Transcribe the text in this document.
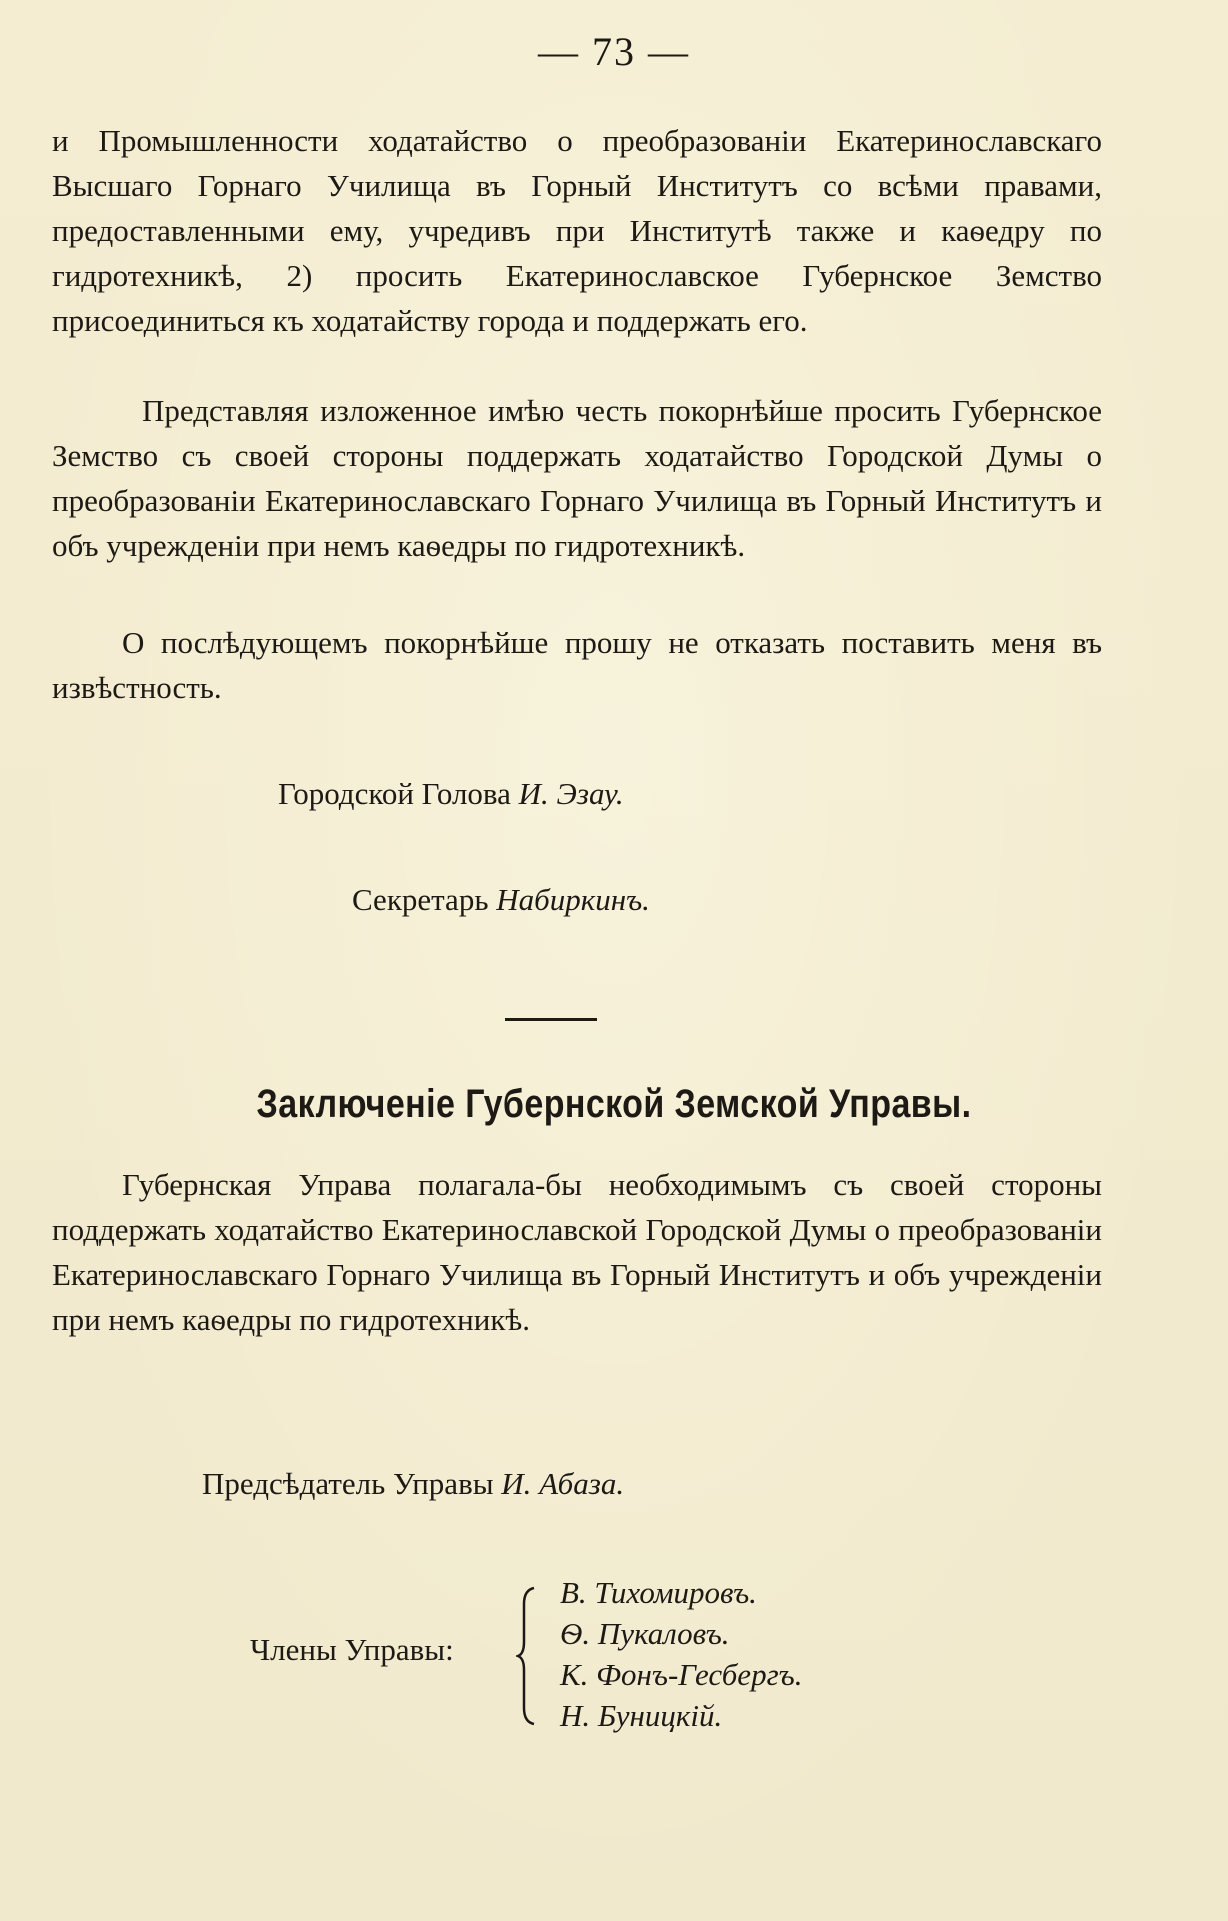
— 73 —

и Промышленности ходатайство о преобразованіи Екатеринославскаго Высшаго Горнаго Училища въ Горный Институтъ со всѣми правами, предоставленными ему, учредивъ при Институтѣ также и каѳедру по гидротехникѣ, 2) просить Екатеринославское Губернское Земство присоединиться къ ходатайству города и поддержать его.

Представляя изложенное имѣю честь покорнѣйше просить Губернское Земство съ своей стороны поддержать ходатайство Городской Думы о преобразованіи Екатеринославскаго Горнаго Училища въ Горный Институтъ и объ учрежденіи при немъ каѳедры по гидротехникѣ.

О послѣдующемъ покорнѣйше прошу не отказать поставить меня въ извѣстность.

Городской Голова И. Эзау.
Секретарь Набиркинъ.
Заключеніе Губернской Земской Управы.

Губернская Управа полагала-бы необходимымъ съ своей стороны поддержать ходатайство Екатеринославской Городской Думы о преобразованіи Екатеринославскаго Горнаго Училища въ Горный Институтъ и объ учрежденіи при немъ каѳедры по гидротехникѣ.

Предсѣдатель Управы И. Абаза.
Члены Управы:
В. Тихомировъ.
Ѳ. Пукаловъ.
К. Фонъ-Гесбергъ.
Н. Буницкій.
